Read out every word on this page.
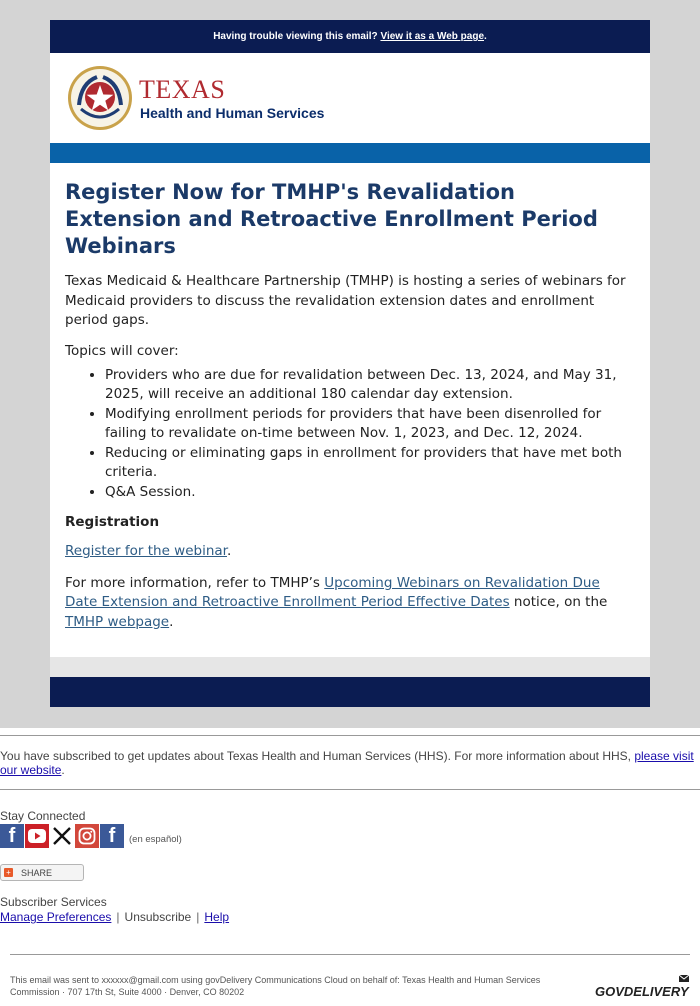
Having trouble viewing this email? View it as a Web page.
TEXAS
Health and Human Services
Register Now for TMHP's Revalidation Extension and Retroactive Enrollment Period Webinars

Texas Medicaid & Healthcare Partnership (TMHP) is hosting a series of webinars for Medicaid providers to discuss the revalidation extension dates and enrollment period gaps.

Topics will cover:

• Providers who are due for revalidation between Dec. 13, 2024, and May 31, 2025, will receive an additional 180 calendar day extension.
• Modifying enrollment periods for providers that have been disenrolled for failing to revalidate on-time between Nov. 1, 2023, and Dec. 12, 2024.
• Reducing or eliminating gaps in enrollment for providers that have met both criteria.
• Q&A Session.

Registration

Register for the webinar.

For more information, refer to TMHP’s Upcoming Webinars on Revalidation Due Date Extension and Retroactive Enrollment Period Effective Dates notice, on the TMHP webpage.

You have subscribed to get updates about Texas Health and Human Services (HHS). For more information about HHS, please visit our website.
Stay Connected
f	f	(en español)
+ SHARE
Subscriber Services
Manage Preferences | Unsubscribe | Help
This email was sent to xxxxxx@gmail.com using govDelivery Communications Cloud on behalf of: Texas Health and Human Services Commission · 707 17th St, Suite 4000 · Denver, CO 80202	GOVDELIVERY
